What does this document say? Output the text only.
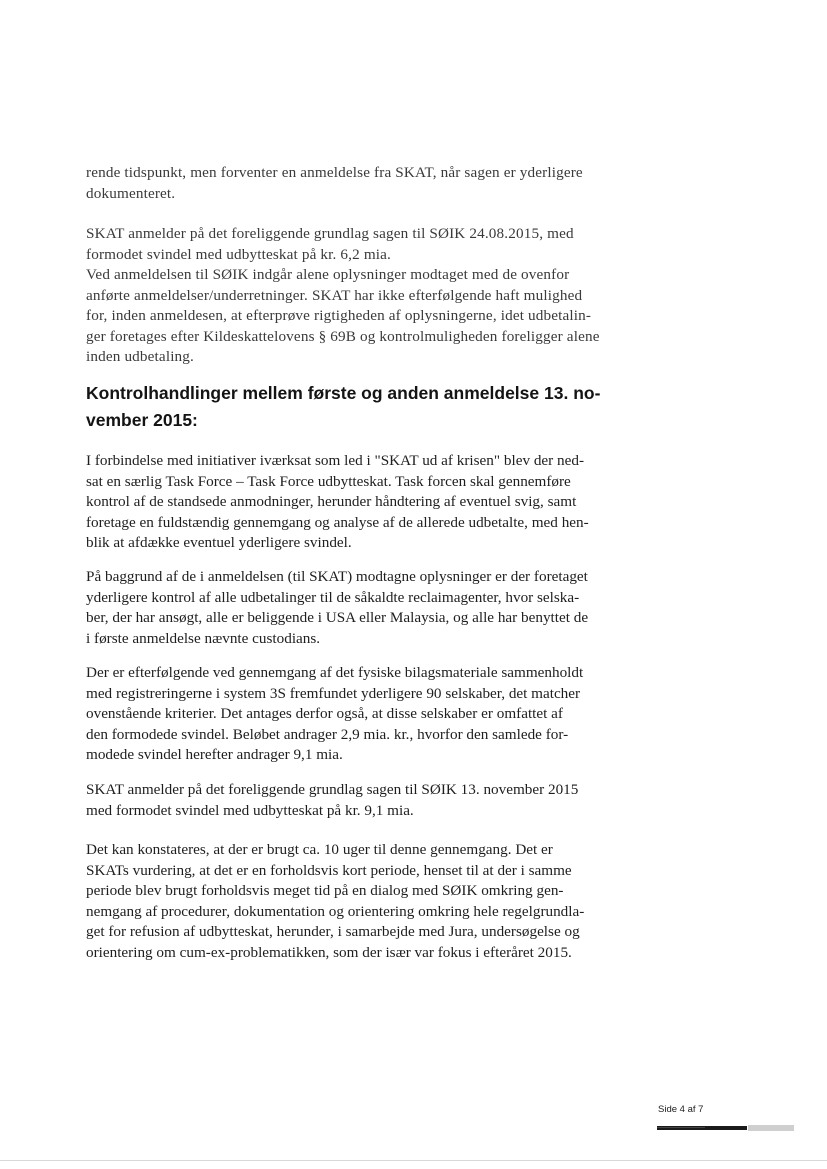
rende tidspunkt, men forventer en anmeldelse fra SKAT, når sagen er yderligere

dokumenteret.

SKAT anmelder på det foreliggende grundlag sagen til SØIK 24.08.2015, med

formodet svindel med udbytteskat på kr. 6,2 mia.

Ved anmeldelsen til SØIK indgår alene oplysninger modtaget med de ovenfor

anførte anmeldelser/underretninger. SKAT har ikke efterfølgende haft mulighed

for, inden anmeldesen, at efterprøve rigtigheden af oplysningerne, idet udbetalin-

ger foretages efter Kildeskattelovens § 69B og kontrolmuligheden foreligger alene

inden udbetaling.

Kontrolhandlinger mellem første og anden anmeldelse 13. no-
vember 2015:

I forbindelse med initiativer iværksat som led i "SKAT ud af krisen" blev der ned-

sat en særlig Task Force – Task Force udbytteskat. Task forcen skal gennemføre

kontrol af de standsede anmodninger, herunder håndtering af eventuel svig, samt

foretage en fuldstændig gennemgang og analyse af de allerede udbetalte, med hen-

blik at afdække eventuel yderligere svindel.

På baggrund af de i anmeldelsen (til SKAT) modtagne oplysninger er der foretaget

yderligere kontrol af alle udbetalinger til de såkaldte reclaimagenter, hvor selska-

ber, der har ansøgt, alle er beliggende i USA eller Malaysia, og alle har benyttet de

i første anmeldelse nævnte custodians.

Der er efterfølgende ved gennemgang af det fysiske bilagsmateriale sammenholdt

med registreringerne i system 3S fremfundet yderligere 90 selskaber, det matcher

ovenstående kriterier. Det antages derfor også, at disse selskaber er omfattet af

den formodede svindel. Beløbet andrager 2,9 mia. kr., hvorfor den samlede for-

modede svindel herefter andrager 9,1 mia.

SKAT anmelder på det foreliggende grundlag sagen til SØIK 13. november 2015

med formodet svindel med udbytteskat på kr. 9,1 mia.

Det kan konstateres, at der er brugt ca. 10 uger til denne gennemgang. Det er

SKATs vurdering, at det er en forholdsvis kort periode, henset til at der i samme

periode blev brugt forholdsvis meget tid på en dialog med SØIK omkring gen-

nemgang af procedurer, dokumentation og orientering omkring hele regelgrundla-

get for refusion af udbytteskat, herunder, i samarbejde med Jura, undersøgelse og

orientering om cum-ex-problematikken, som der især var fokus i efteråret 2015.

Side 4 af 7
